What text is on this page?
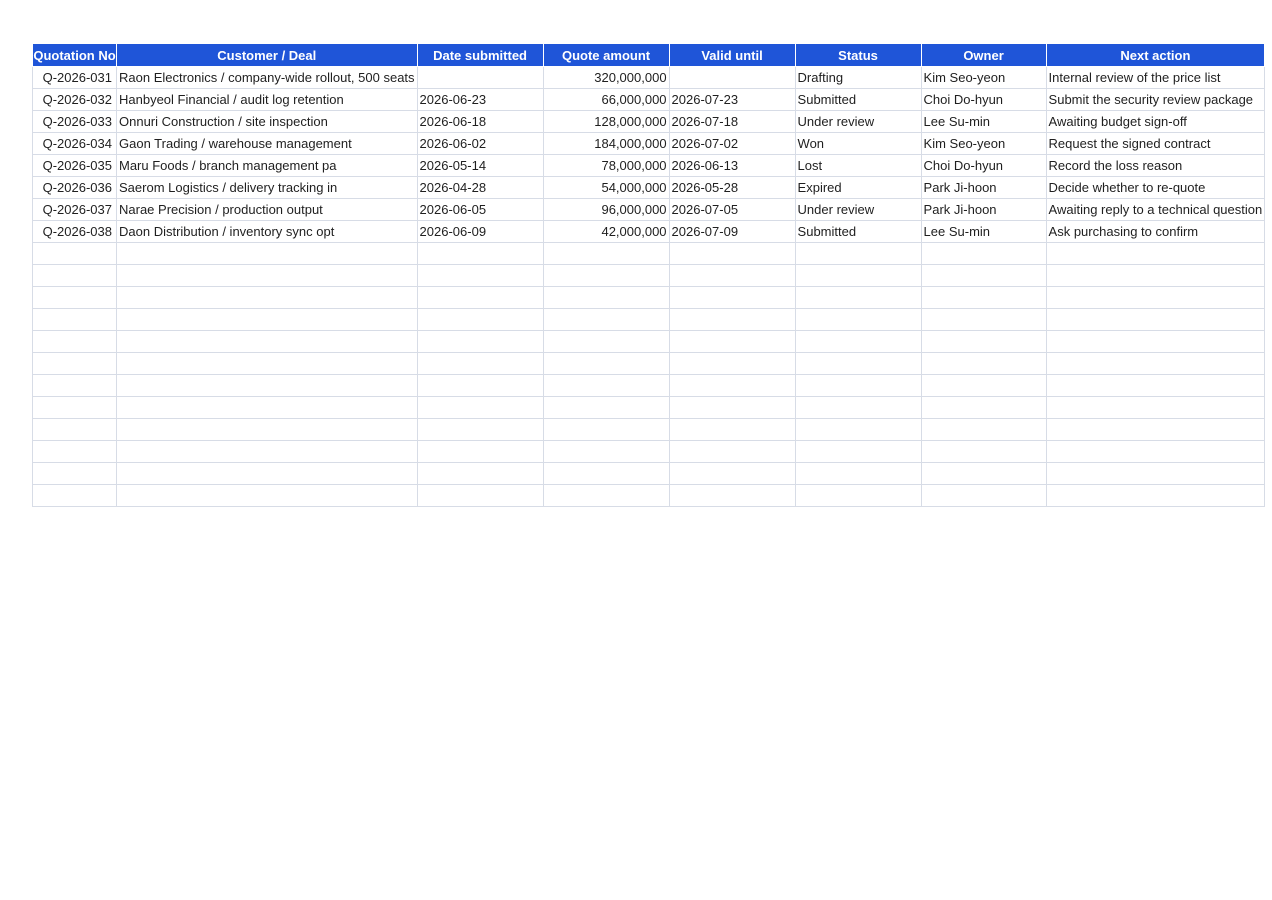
Quotation No	Customer / Deal	Date submitted	Quote amount	Valid until	Status	Owner	Next action
Q-2026-031	Raon Electronics / company-wide rollout, 500 seats		320,000,000		Drafting	Kim Seo-yeon	Internal review of the price list
Q-2026-032	Hanbyeol Financial / audit log retention	2026-06-23	66,000,000	2026-07-23	Submitted	Choi Do-hyun	Submit the security review package
Q-2026-033	Onnuri Construction / site inspection	2026-06-18	128,000,000	2026-07-18	Under review	Lee Su-min	Awaiting budget sign-off
Q-2026-034	Gaon Trading / warehouse management	2026-06-02	184,000,000	2026-07-02	Won	Kim Seo-yeon	Request the signed contract
Q-2026-035	Maru Foods / branch management pa	2026-05-14	78,000,000	2026-06-13	Lost	Choi Do-hyun	Record the loss reason
Q-2026-036	Saerom Logistics / delivery tracking in	2026-04-28	54,000,000	2026-05-28	Expired	Park Ji-hoon	Decide whether to re-quote
Q-2026-037	Narae Precision / production output	2026-06-05	96,000,000	2026-07-05	Under review	Park Ji-hoon	Awaiting reply to a technical question
Q-2026-038	Daon Distribution / inventory sync opt	2026-06-09	42,000,000	2026-07-09	Submitted	Lee Su-min	Ask purchasing to confirm
